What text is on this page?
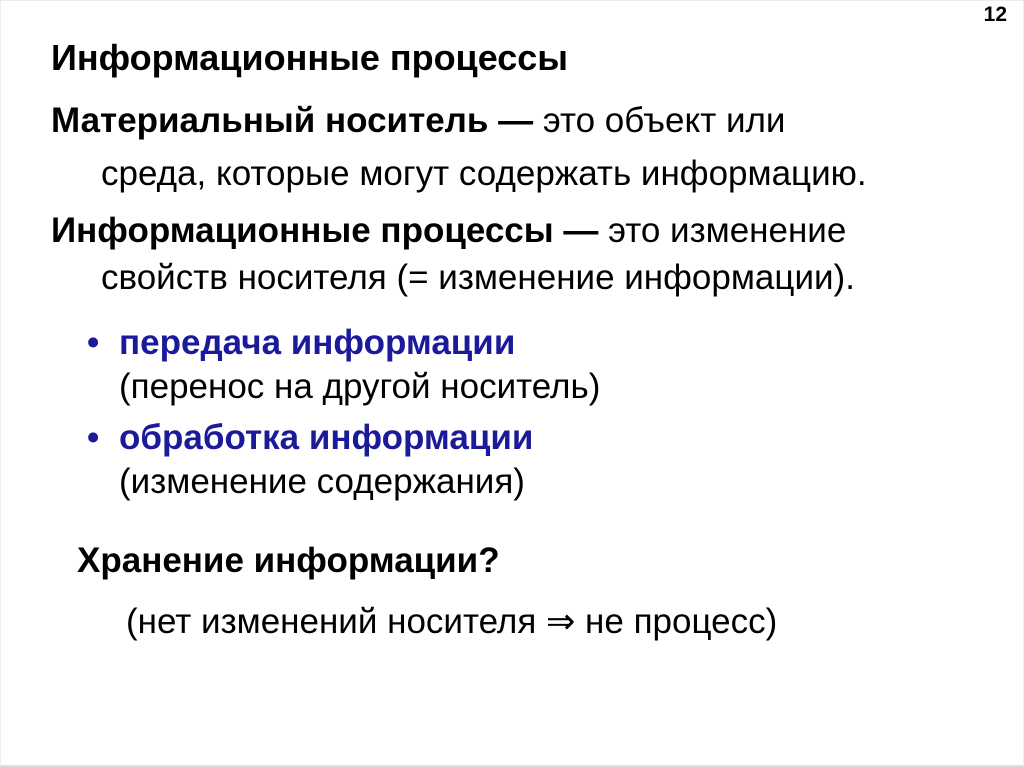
12
Информационные процессы
Материальный носитель — это объект или
среда, которые могут содержать информацию.
Информационные процессы — это изменение
свойств носителя (= изменение информации).
• передача информации
(перенос на другой носитель)
• обработка информации
(изменение содержания)
Хранение информации?
(нет изменений носителя ⇒ не процесс)
